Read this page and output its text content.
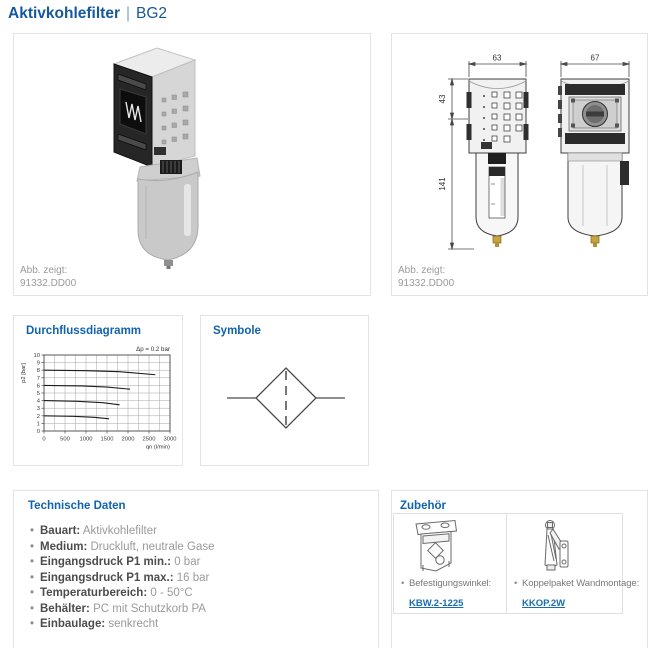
Aktivkohlefilter | BG2
Abb. zeigt:
91332.DD00
63	67
43
141
Abb. zeigt:
91332.DD00
Durchflussdiagramm
0	500 1000 1500 2000 2500 3000
0
1
2
3
4
5
6
7
8
9
10
Δp = 0.2 bar
p2 [bar]
qn (l/min)
Symbole
Technische Daten
• Bauart: Aktivkohlefilter
• Medium: Druckluft, neutrale Gase
• Eingangsdruck P1 min.: 0 bar
• Eingangsdruck P1 max.: 16 bar
• Temperaturbereich: 0 - 50°C
• Behälter: PC mit Schutzkorb PA
• Einbaulage: senkrecht
Zubehör
• Befestigungswinkel:
KBW.2-1225
• Koppelpaket Wandmontage:
KKOP.2W
